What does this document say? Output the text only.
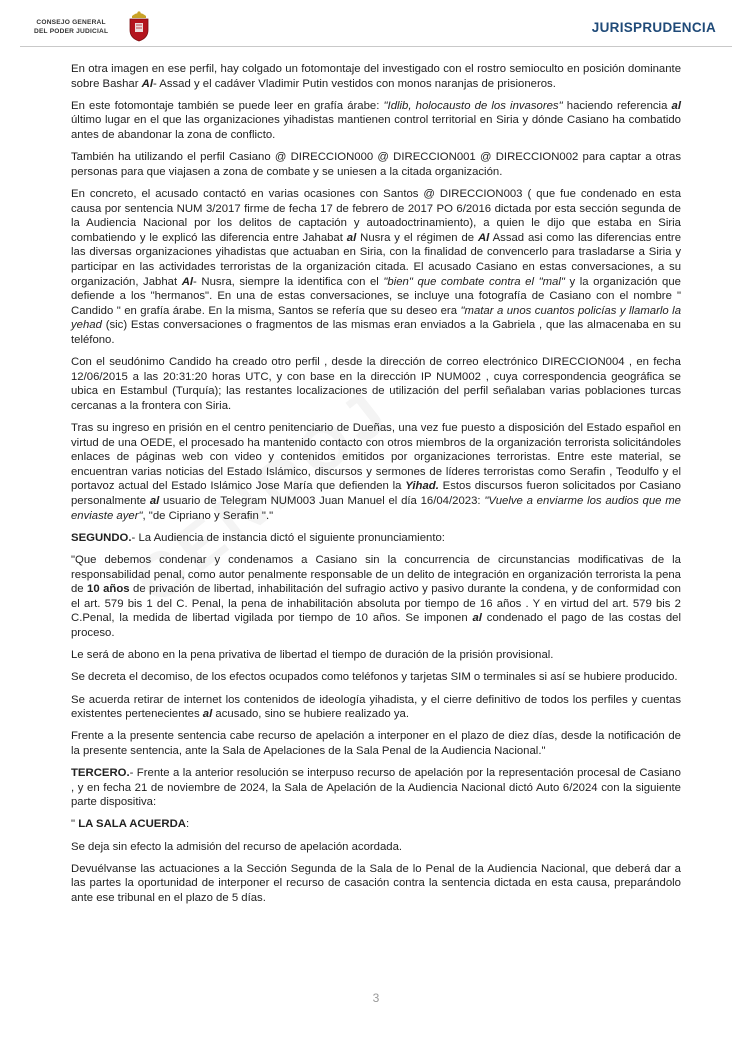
CONSEJO GENERAL
DEL PODER JUDICIAL	JURISPRUDENCIA

En otra imagen en ese perfil, hay colgado un fotomontaje del investigado con el rostro semioculto en posición dominante sobre Bashar Al- Assad y el cadáver Vladimir Putin vestidos con monos naranjas de prisioneros.

En este fotomontaje también se puede leer en grafía árabe: "Idlib, holocausto de los invasores" haciendo referencia al último lugar en el que las organizaciones yihadistas mantienen control territorial en Siria y dónde Casiano ha combatido antes de abandonar la zona de conflicto.

También ha utilizando el perfil Casiano @ DIRECCION000 @ DIRECCION001 @ DIRECCION002 para captar a otras personas para que viajasen a zona de combate y se uniesen a la citada organización.

En concreto, el acusado contactó en varias ocasiones con Santos @ DIRECCION003 ( que fue condenado en esta causa por sentencia NUM 3/2017 firme de fecha 17 de febrero de 2017 PO 6/2016 dictada por esta sección segunda de la Audiencia Nacional por los delitos de captación y autoadoctrinamiento), a quien le dijo que estaba en Siria combatiendo y le explicó las diferencia entre Jahabat al Nusra y el régimen de Al Assad asi como las diferencias entre las diversas organizaciones yihadistas que actuaban en Siria, con la finalidad de convencerlo para trasladarse a Siria y participar en las actividades terroristas de la organización citada. El acusado Casiano en estas conversaciones, a su organización, Jabhat Al- Nusra, siempre la identifica con el "bien" que combate contra el "mal" y la organización que defiende a los "hermanos". En una de estas conversaciones, se incluye una fotografía de Casiano con el nombre " Candido " en grafía árabe. En la misma, Santos se refería que su deseo era "matar a unos cuantos policías y llamarlo la yehad (sic) Estas conversaciones o fragmentos de las mismas eran enviados a la Gabriela , que las almacenaba en su teléfono.

Con el seudónimo Candido ha creado otro perfil , desde la dirección de correo electrónico DIRECCION004 , en fecha 12/06/2015 a las 20:31:20 horas UTC, y con base en la dirección IP NUM002 , cuya correspondencia geográfica se ubica en Estambul (Turquía); las restantes localizaciones de utilización del perfil señalaban varias poblaciones turcas cercanas a la frontera con Siria.

Tras su ingreso en prisión en el centro penitenciario de Dueñas, una vez fue puesto a disposición del Estado español en virtud de una OEDE, el procesado ha mantenido contacto con otros miembros de la organización terrorista solicitándoles enlaces de páginas web con video y contenidos emitidos por organizaciones terroristas. Entre este material, se encuentran varias noticias del Estado Islámico, discursos y sermones de líderes terroristas como Serafin , Teodulfo y el portavoz actual del Estado Islámico Jose María que defienden la Yihad. Estos discursos fueron solicitados por Casiano personalmente al usuario de Telegram NUM003 Juan Manuel el día 16/04/2023: "Vuelve a enviarme los audios que me enviaste ayer", "de Cipriano y Serafin "."

SEGUNDO.- La Audiencia de instancia dictó el siguiente pronunciamiento:

"Que debemos condenar y condenamos a Casiano sin la concurrencia de circunstancias modificativas de la responsabilidad penal, como autor penalmente responsable de un delito de integración en organización terrorista la pena de 10 años de privación de libertad, inhabilitación del sufragio activo y pasivo durante la condena, y de conformidad con el art. 579 bis 1 del C. Penal, la pena de inhabilitación absoluta por tiempo de 16 años . Y en virtud del art. 579 bis 2 C.Penal, la medida de libertad vigilada por tiempo de 10 años. Se imponen al condenado el pago de las costas del proceso.

Le será de abono en la pena privativa de libertad el tiempo de duración de la prisión provisional.

Se decreta el decomiso, de los efectos ocupados como teléfonos y tarjetas SIM o terminales si así se hubiere producido.

Se acuerda retirar de internet los contenidos de ideología yihadista, y el cierre definitivo de todos los perfiles y cuentas existentes pertenecientes al acusado, sino se hubiere realizado ya.

Frente a la presente sentencia cabe recurso de apelación a interponer en el plazo de diez días, desde la notificación de la presente sentencia, ante la Sala de Apelaciones de la Sala Penal de la Audiencia Nacional."

TERCERO.- Frente a la anterior resolución se interpuso recurso de apelación por la representación procesal de Casiano , y en fecha 21 de noviembre de 2024, la Sala de Apelación de la Audiencia Nacional dictó Auto 6/2024 con la siguiente parte dispositiva:

" LA SALA ACUERDA:

Se deja sin efecto la admisión del recurso de apelación acordada.

Devuélvanse las actuaciones a la Sección Segunda de la Sala de lo Penal de la Audiencia Nacional, que deberá dar a las partes la oportunidad de interponer el recurso de casación contra la sentencia dictada en esta causa, preparándolo ante ese tribunal en el plazo de 5 días.

3
